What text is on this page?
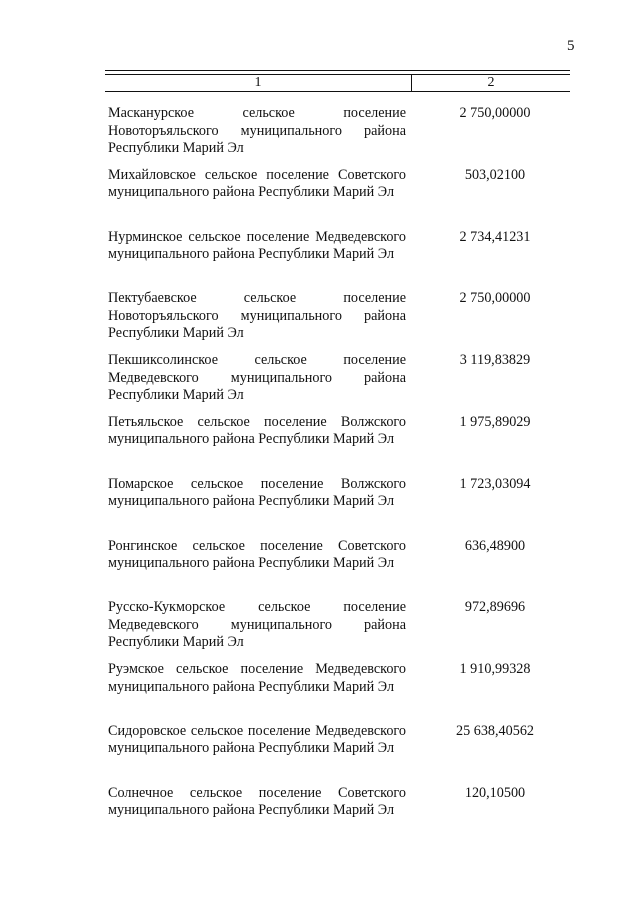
5
1	2
Масканурское сельское поселение Новоторъяльского муниципального района Республики Марий Эл
2 750,00000
Михайловское сельское поселение Советского муниципального района Республики Марий Эл
503,02100
Нурминское сельское поселение Медведевского муниципального района Республики Марий Эл
2 734,41231
Пектубаевское сельское поселение Новоторъяльского муниципального района Республики Марий Эл
2 750,00000
Пекшиксолинское сельское поселение Медведевского муниципального района Республики Марий Эл
3 119,83829
Петьяльское сельское поселение Волжского муниципального района Республики Марий Эл
1 975,89029
Помарское сельское поселение Волжского муниципального района Республики Марий Эл
1 723,03094
Ронгинское сельское поселение Советского муниципального района Республики Марий Эл
636,48900
Русско-Кукморское сельское поселение Медведевского муниципального района Республики Марий Эл
972,89696
Руэмское сельское поселение Медведевского муниципального района Республики Марий Эл
1 910,99328
Сидоровское сельское поселение Медведевского муниципального района Республики Марий Эл
25 638,40562
Солнечное сельское поселение Советского муниципального района Республики Марий Эл
120,10500
